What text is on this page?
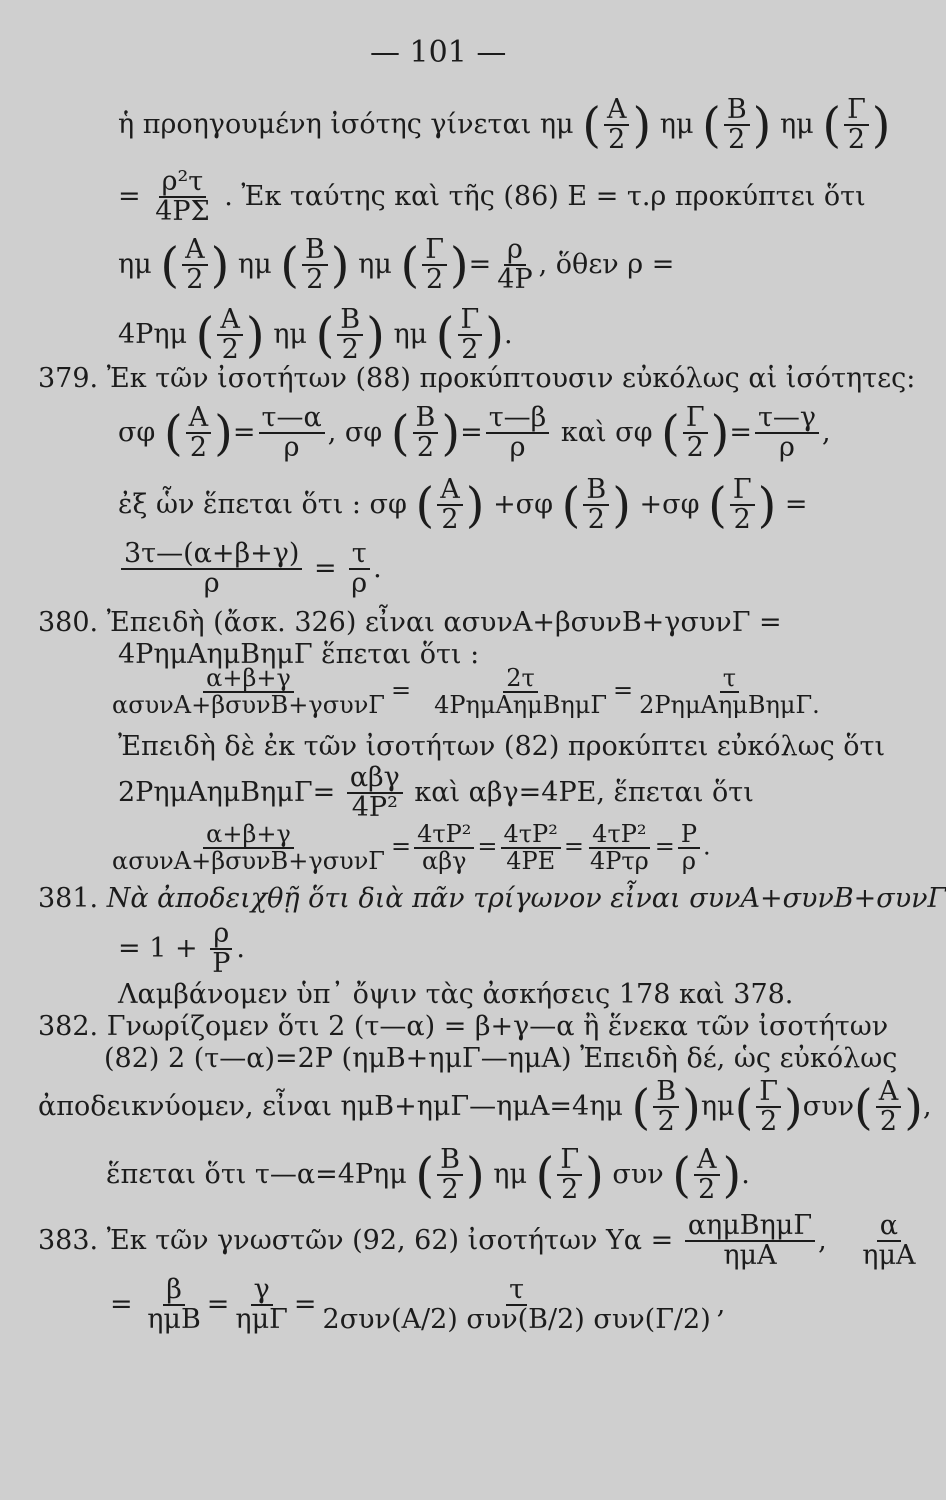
— 101 —
ἡ προηγουμένη ἰσότης γίνεται ημ ( $\frac{A}{2}$ ) ημ ( $\frac{B}{2}$ ) ημ ( $\frac{\Gamma}{2}$ )
= $\frac{\text{ρ²τ}}{4P\Sigma}$ . Ἐκ ταύτης καὶ τῆς (86) Ε = τ.ρ προκύπτει ὅτι
ημ ( $\frac{A}{2}$ ) ημ ( $\frac{B}{2}$ ) ημ ( $\frac{\Gamma}{2}$ )= $\frac{\rho}{4P}$ , ὅθεν ρ =
4Pημ ( $\frac{A}{2}$ ) ημ ( $\frac{B}{2}$ ) ημ ( $\frac{\Gamma}{2}$ ).
379. Ἐκ τῶν ἰσοτήτων (88) προκύπτουσιν εὐκόλως αἱ ἰσότητες:
σφ ( $\frac{A}{2}$ )= $\frac{\tau—\alpha}{\rho}$ , σφ ( $\frac{B}{2}$ )= $\frac{\tau—\beta}{\rho}$ καὶ σφ ( $\frac{\Gamma}{2}$ )= $\frac{\tau—\gamma}{\rho}$ ,
ἐξ ὧν ἕπεται ὅτι : σφ ( $\frac{A}{2}$ ) +σφ ( $\frac{B}{2}$ ) +σφ ( $\frac{\Gamma}{2}$ ) =
$\frac{3\tau—(\alpha+\beta+\gamma)}{\rho} = \frac{\tau}{\rho}$ .
380. Ἐπειδὴ (ἄσκ. 326) εἶναι ασυνΑ+βσυνΒ+γσυνΓ =
4PημΑημΒημΓ ἕπεται ὅτι :
$\frac{\alpha+\beta+\gamma}{\text{ασυνΑ+βσυνΒ+γσυνΓ}} = \frac{2\tau}{\text{4PημΑημΒημΓ}} = \frac{\tau}{\text{2PημΑημΒημΓ.}}$
Ἐπειδὴ δὲ ἐκ τῶν ἰσοτήτων (82) προκύπτει εὐκόλως ὅτι
$2P\eta\mu A\eta\mu B\eta\mu\Gamma= \frac{\text{αβγ}}{\text{4P²}}$ καὶ αβγ=4PΕ, ἕπεται ὅτι
$\frac{\alpha+\beta+\gamma}{\text{ασυνΑ+βσυνΒ+γσυνΓ}} = \frac{\text{4τP²}}{\text{αβγ}} = \frac{\text{4τP²}}{4PE} = \frac{\text{4τP²}}{\text{4Pτρ}} = \frac{P}{\rho}$ .
381. Νὰ ἀποδειχθῇ ὅτι διὰ πᾶν τρίγωνον εἶναι συνΑ+συνΒ+συνΓ
= $1 + \frac{\rho}{P}$ .
Λαμβάνομεν ὑπ᾽ ὄψιν τὰς ἀσκήσεις 178 καὶ 378.
382. Γνωρίζομεν ὅτι 2 (τ—α) = β+γ—α ἢ ἕνεκα τῶν ἰσοτήτων
(82) 2 (τ—α)=2P (ημΒ+ημΓ—ημΑ) Ἐπειδὴ δέ, ὡς εὐκόλως
ἀποδεικνύομεν, εἶναι ημΒ+ημΓ—ημΑ=4ημ ( $\frac{B}{2} )\eta\mu( \frac{\Gamma}{2} )\sigma\upsilon\nu( \frac{A}{2}$ ),
ἕπεται ὅτι τ—α=4Pημ ( $\frac{B}{2}$ ) ημ ( $\frac{\Gamma}{2}$ ) συν ( $\frac{A}{2}$ ).
383. Ἐκ τῶν γνωστῶν (92, 62) ἰσοτήτων $\Upsilon\alpha = \frac{\text{αημΒημΓ}}{\text{ημΑ}}$ , $\frac{\alpha}{\text{ημΑ}}$
= $\frac{\beta}{\text{ημΒ}} = \frac{\gamma}{\text{ημΓ}} = \frac{\tau}{\text{2συν(Α/2) συν(Β/2) συν(Γ/2)}}$ ,
